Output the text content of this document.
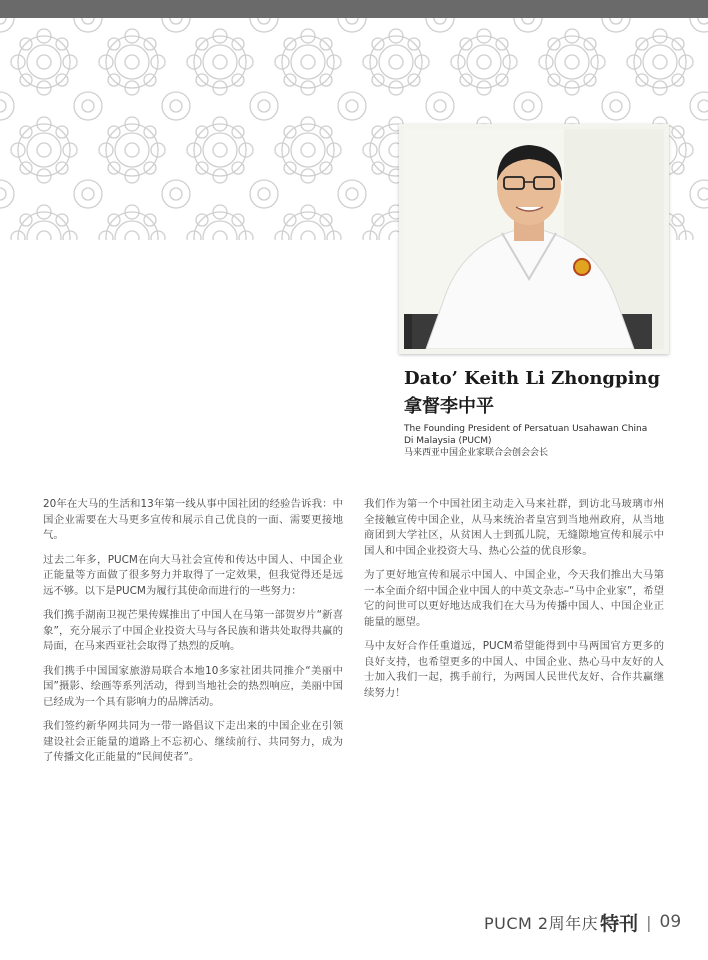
Dato’ Keith Li Zhongping
拿督李中平
The Founding President of Persatuan Usahawan China Di Malaysia (PUCM)
马来西亚中国企业家联合会创会会长

20年在大马的生活和13年第一线从事中国社团的经验告诉我：中国企业需要在大马更多宣传和展示自己优良的一面、需要更接地气。

过去二年多，PUCM在向大马社会宣传和传达中国人、中国企业正能量等方面做了很多努力并取得了一定效果，但我觉得还是远远不够。以下是PUCM为履行其使命而进行的一些努力：

我们携手湖南卫视芒果传媒推出了中国人在马第一部贺岁片“新喜象”，充分展示了中国企业投资大马与各民族和谐共处取得共赢的局面，在马来西亚社会取得了热烈的反响。

我们携手中国国家旅游局联合本地10多家社团共同推介“美丽中国”摄影、绘画等系列活动，得到当地社会的热烈响应，美丽中国已经成为一个具有影响力的品牌活动。

我们签约新华网共同为一带一路倡议下走出来的中国企业在引领建设社会正能量的道路上不忘初心、继续前行、共同努力，成为了传播文化正能量的“民间使者”。

我们作为第一个中国社团主动走入马来社群，到访北马玻璃市州全接触宣传中国企业，从马来统治者皇宫到当地州政府，从当地商团到大学社区，从贫困人士到孤儿院，无缝隙地宣传和展示中国人和中国企业投资大马、热心公益的优良形象。

为了更好地宣传和展示中国人、中国企业，今天我们推出大马第一本全面介绍中国企业中国人的中英文杂志–“马中企业家”，希望它的问世可以更好地达成我们在大马为传播中国人、中国企业正能量的愿望。

马中友好合作任重道远，PUCM希望能得到中马两国官方更多的良好支持，也希望更多的中国人、中国企业、热心马中友好的人士加入我们一起，携手前行，为两国人民世代友好、合作共赢继续努力！

PUCM 2周年庆 特刊 | 09
